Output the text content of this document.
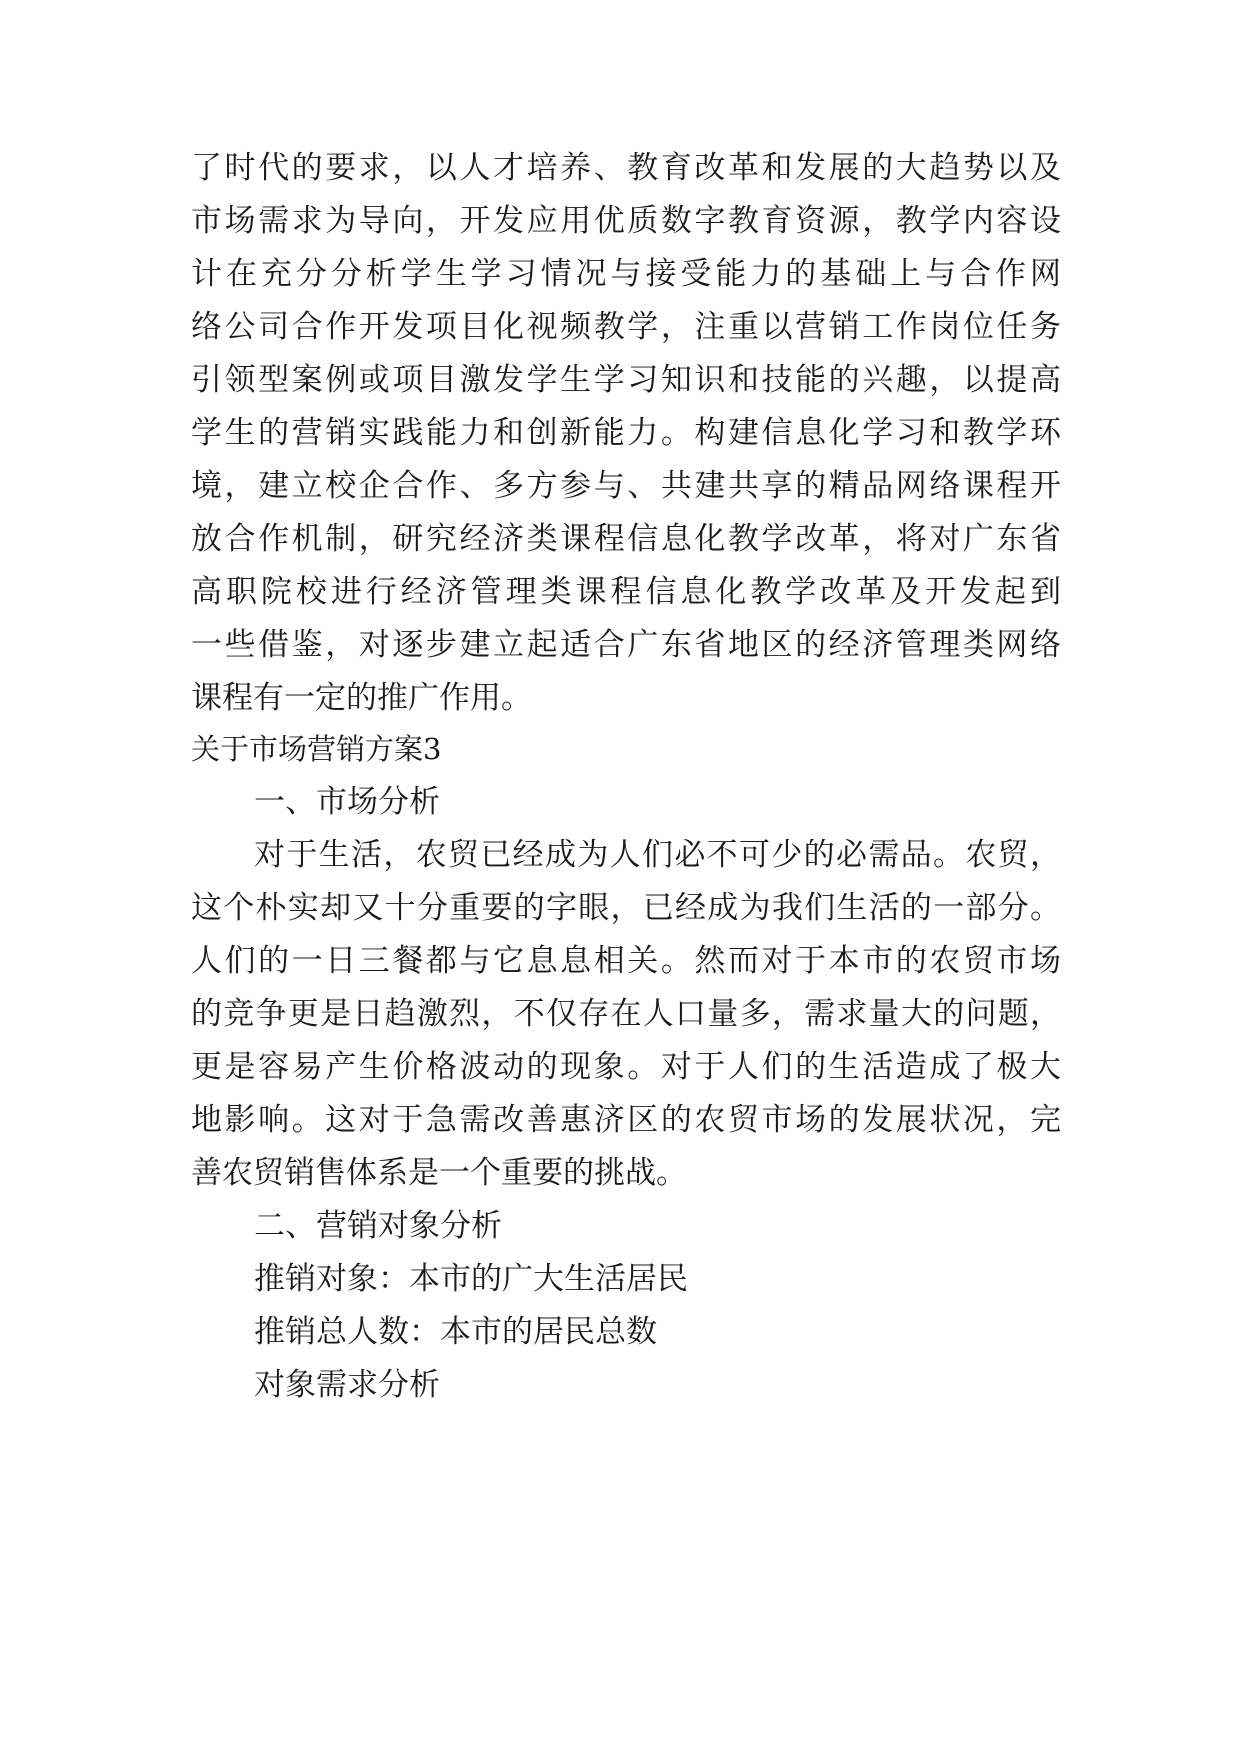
了时代的要求，以人才培养、教育改革和发展的大趋势以及
市场需求为导向，开发应用优质数字教育资源，教学内容设
计在充分分析学生学习情况与接受能力的基础上与合作网
络公司合作开发项目化视频教学，注重以营销工作岗位任务
引领型案例或项目激发学生学习知识和技能的兴趣，以提高
学生的营销实践能力和创新能力。构建信息化学习和教学环
境，建立校企合作、多方参与、共建共享的精品网络课程开
放合作机制，研究经济类课程信息化教学改革，将对广东省
高职院校进行经济管理类课程信息化教学改革及开发起到
一些借鉴，对逐步建立起适合广东省地区的经济管理类网络
课程有一定的推广作用。
关于市场营销方案3
一、市场分析
对于生活，农贸已经成为人们必不可少的必需品。农贸，
这个朴实却又十分重要的字眼，已经成为我们生活的一部分。
人们的一日三餐都与它息息相关。然而对于本市的农贸市场
的竞争更是日趋激烈，不仅存在人口量多，需求量大的问题，
更是容易产生价格波动的现象。对于人们的生活造成了极大
地影响。这对于急需改善惠济区的农贸市场的发展状况，完
善农贸销售体系是一个重要的挑战。
二、营销对象分析
推销对象：本市的广大生活居民
推销总人数：本市的居民总数
对象需求分析
